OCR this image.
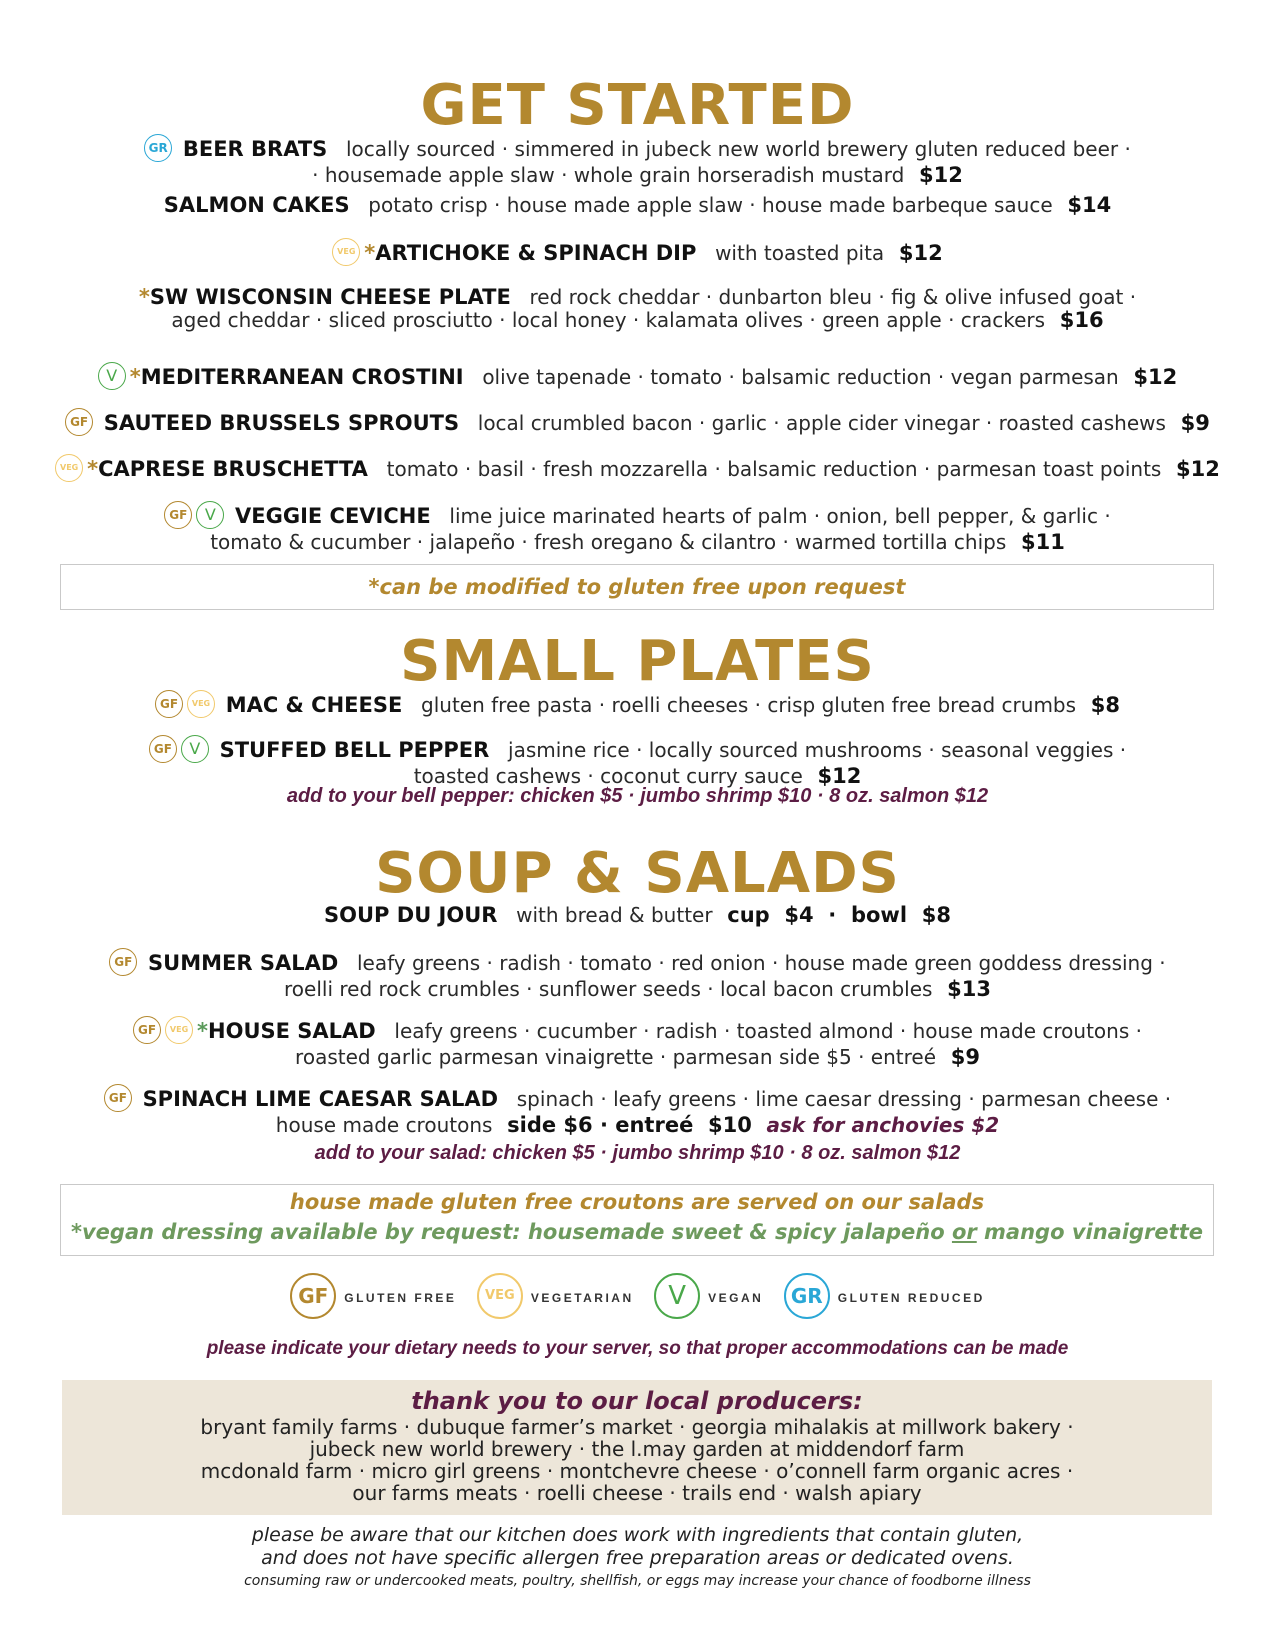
GET STARTED
GR BEER BRATS locally sourced · simmered in jubeck new world brewery gluten reduced beer ·
· housemade apple slaw · whole grain horseradish mustard $12
SALMON CAKES potato crisp · house made apple slaw · house made barbeque sauce $14
VEG *ARTICHOKE & SPINACH DIP with toasted pita $12
*SW WISCONSIN CHEESE PLATE red rock cheddar · dunbarton bleu · fig & olive infused goat ·
aged cheddar · sliced prosciutto · local honey · kalamata olives · green apple · crackers $16
V *MEDITERRANEAN CROSTINI olive tapenade · tomato · balsamic reduction · vegan parmesan $12
GF SAUTEED BRUSSELS SPROUTS local crumbled bacon · garlic · apple cider vinegar · roasted cashews $9
VEG *CAPRESE BRUSCHETTA tomato · basil · fresh mozzarella · balsamic reduction · parmesan toast points $12
GF V VEGGIE CEVICHE lime juice marinated hearts of palm · onion, bell pepper, & garlic ·
tomato & cucumber · jalapeño · fresh oregano & cilantro · warmed tortilla chips $11
*can be modified to gluten free upon request
SMALL PLATES
GF VEG MAC & CHEESE gluten free pasta · roelli cheeses · crisp gluten free bread crumbs $8
GF V STUFFED BELL PEPPER jasmine rice · locally sourced mushrooms · seasonal veggies ·
toasted cashews · coconut curry sauce $12
add to your bell pepper: chicken $5 · jumbo shrimp $10 · 8 oz. salmon $12
SOUP & SALADS
SOUP DU JOUR with bread & butter cup $4 · bowl $8
GF SUMMER SALAD leafy greens · radish · tomato · red onion · house made green goddess dressing ·
roelli red rock crumbles · sunflower seeds · local bacon crumbles $13
GF VEG *HOUSE SALAD leafy greens · cucumber · radish · toasted almond · house made croutons ·
roasted garlic parmesan vinaigrette · parmesan side $5 · entreé $9
GF SPINACH LIME CAESAR SALAD spinach · leafy greens · lime caesar dressing · parmesan cheese ·
house made croutons side $6 · entreé $10 ask for anchovies $2
add to your salad: chicken $5 · jumbo shrimp $10 · 8 oz. salmon $12
house made gluten free croutons are served on our salads
*vegan dressing available by request: housemade sweet & spicy jalapeño or mango vinaigrette
GF GLUTEN FREE VEG VEGETARIAN V VEGAN GR GLUTEN REDUCED
please indicate your dietary needs to your server, so that proper accommodations can be made
thank you to our local producers:
bryant family farms · dubuque farmer’s market · georgia mihalakis at millwork bakery ·
jubeck new world brewery · the l.may garden at middendorf farm
mcdonald farm · micro girl greens · montchevre cheese · o’connell farm organic acres ·
our farms meats · roelli cheese · trails end · walsh apiary
please be aware that our kitchen does work with ingredients that contain gluten,
and does not have specific allergen free preparation areas or dedicated ovens.
consuming raw or undercooked meats, poultry, shellfish, or eggs may increase your chance of foodborne illness
